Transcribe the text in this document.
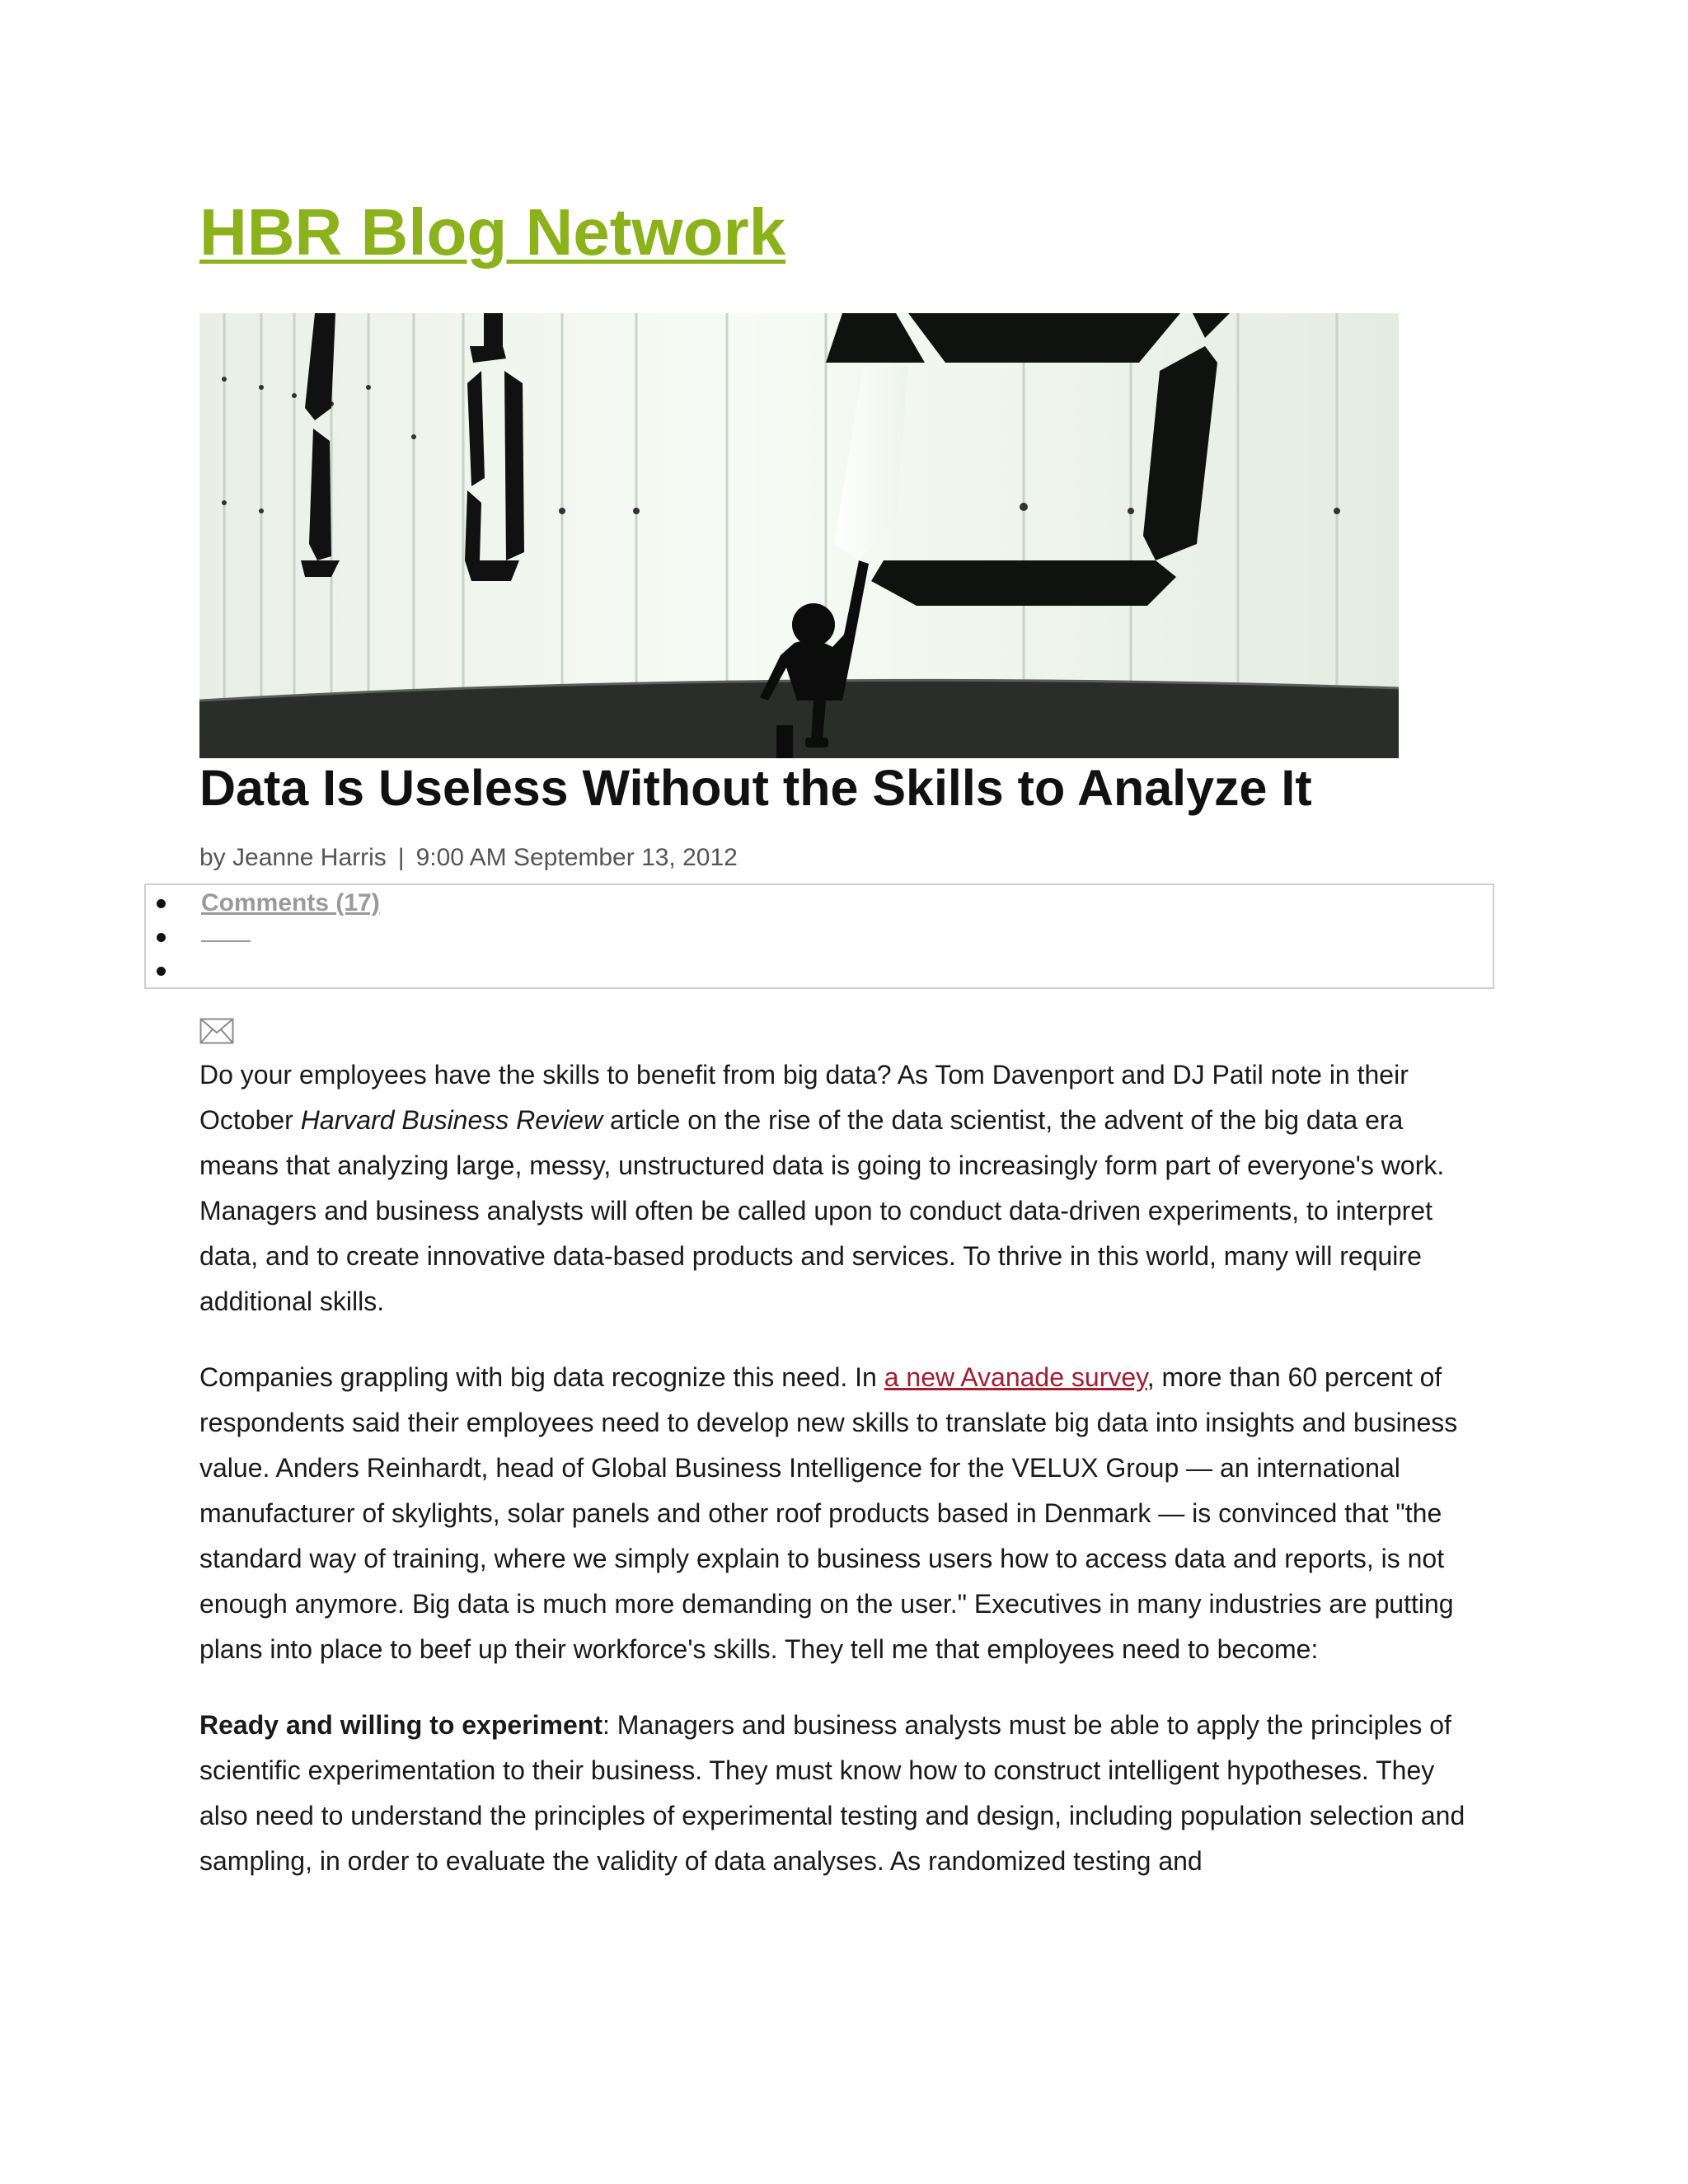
HBR Blog Network
Data Is Useless Without the Skills to Analyze It
by Jeanne Harris | 9:00 AM September 13, 2012
Comments (17)

Do your employees have the skills to benefit from big data? As Tom Davenport and DJ Patil note in their October Harvard Business Review article on the rise of the data scientist, the advent of the big data era means that analyzing large, messy, unstructured data is going to increasingly form part of everyone's work. Managers and business analysts will often be called upon to conduct data-driven experiments, to interpret data, and to create innovative data-based products and services. To thrive in this world, many will require additional skills.

Companies grappling with big data recognize this need. In a new Avanade survey, more than 60 percent of respondents said their employees need to develop new skills to translate big data into insights and business value. Anders Reinhardt, head of Global Business Intelligence for the VELUX Group — an international manufacturer of skylights, solar panels and other roof products based in Denmark — is convinced that "the standard way of training, where we simply explain to business users how to access data and reports, is not enough anymore. Big data is much more demanding on the user." Executives in many industries are putting plans into place to beef up their workforce's skills. They tell me that employees need to become:

Ready and willing to experiment: Managers and business analysts must be able to apply the principles of scientific experimentation to their business. They must know how to construct intelligent hypotheses. They also need to understand the principles of experimental testing and design, including population selection and sampling, in order to evaluate the validity of data analyses. As randomized testing and
